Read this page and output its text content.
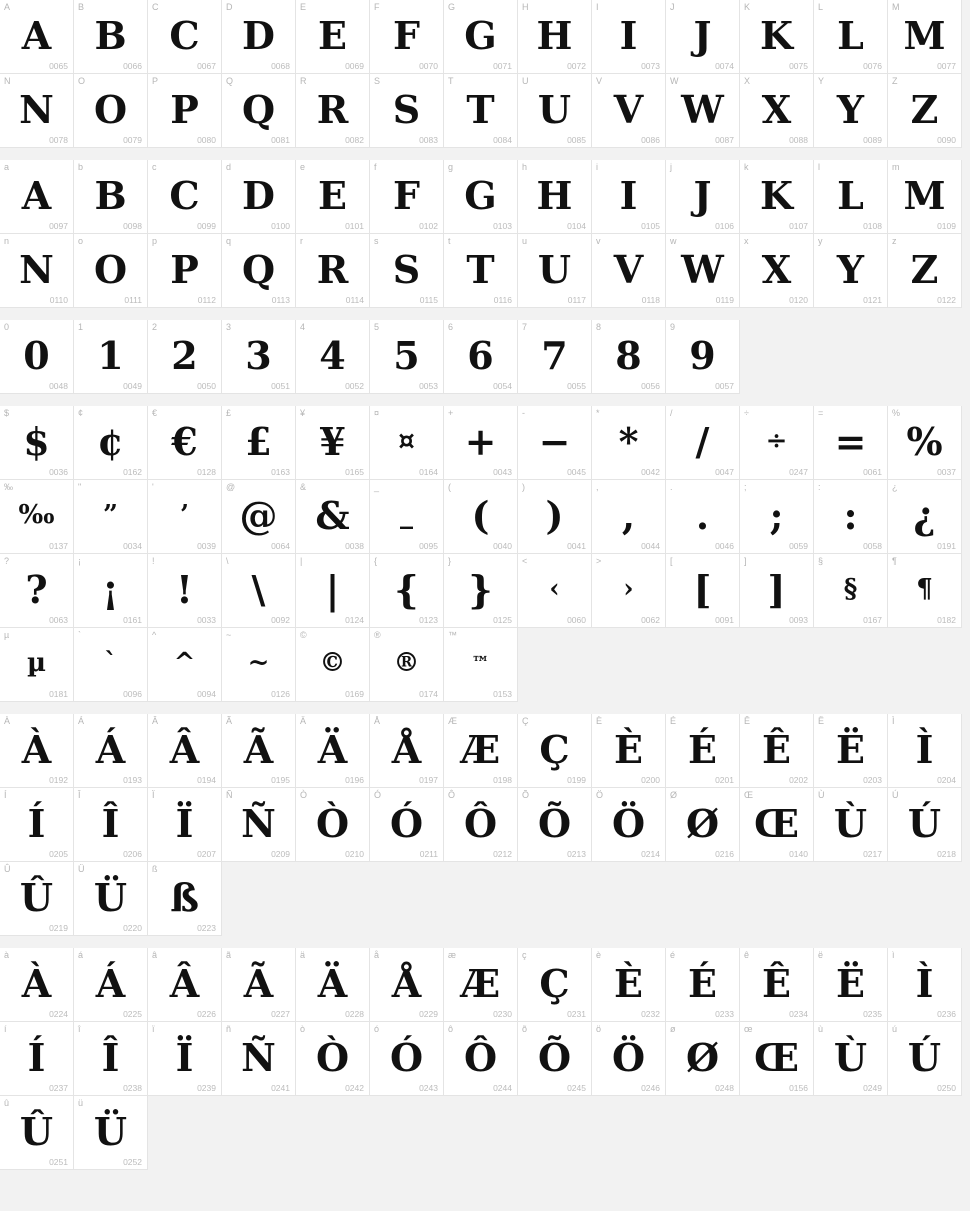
A
A
0065
B
B
0066
C
C
0067
D
D
0068
E
E
0069
F
F
0070
G
G
0071
H
H
0072
I
I
0073
J
J
0074
K
K
0075
L
L
0076
M
M
0077
N
N
0078
O
O
0079
P
P
0080
Q
Q
0081
R
R
0082
S
S
0083
T
T
0084
U
U
0085
V
V
0086
W
W
0087
X
X
0088
Y
Y
0089
Z
Z
0090
a
A
0097
b
B
0098
c
C
0099
d
D
0100
e
E
0101
f
F
0102
g
G
0103
h
H
0104
i
I
0105
j
J
0106
k
K
0107
l
L
0108
m
M
0109
n
N
0110
o
O
0111
p
P
0112
q
Q
0113
r
R
0114
s
S
0115
t
T
0116
u
U
0117
v
V
0118
w
W
0119
x
X
0120
y
Y
0121
z
Z
0122
0
0
0048
1
1
0049
2
2
0050
3
3
0051
4
4
0052
5
5
0053
6
6
0054
7
7
0055
8
8
0056
9
9
0057
$
$
0036
¢
¢
0162
€
€
0128
£
£
0163
¥
¥
0165
¤
¤
0164
+
+
0043
-
−
0045
*
*
0042
/
/
0047
÷
÷
0247
=
=
0061
%
%
0037
‰
‰
0137
"
”
0034
'
’
0039
@
@
0064
&
&
0038
_
_
0095
(
(
0040
)
)
0041
,
,
0044
.
.
0046
;
;
0059
:
:
0058
¿
¿
0191
?
?
0063
¡
¡
0161
!
!
0033
\
\
0092
|
|
0124
{
{
0123
}
}
0125
<
‹
0060
>
›
0062
[
[
0091
]
]
0093
§
§
0167
¶
¶
0182
µ
µ
0181
`
`
0096
^
^
0094
~
~
0126
©
©
0169
®
®
0174
™
™
0153
À
À
0192
Á
Á
0193
Â
Â
0194
Ã
Ã
0195
Ä
Ä
0196
Å
Å
0197
Æ
Æ
0198
Ç
Ç
0199
È
È
0200
É
É
0201
Ê
Ê
0202
Ë
Ë
0203
Ì
Ì
0204
Í
Í
0205
Î
Î
0206
Ï
Ï
0207
Ñ
Ñ
0209
Ò
Ò
0210
Ó
Ó
0211
Ô
Ô
0212
Õ
Õ
0213
Ö
Ö
0214
Ø
Ø
0216
Œ
Œ
0140
Ù
Ù
0217
Ú
Ú
0218
Û
Û
0219
Ü
Ü
0220
ß
ß
0223
à
À
0224
á
Á
0225
â
Â
0226
ã
Ã
0227
ä
Ä
0228
å
Å
0229
æ
Æ
0230
ç
Ç
0231
è
È
0232
é
É
0233
ê
Ê
0234
ë
Ë
0235
ì
Ì
0236
í
Í
0237
î
Î
0238
ï
Ï
0239
ñ
Ñ
0241
ò
Ò
0242
ó
Ó
0243
ô
Ô
0244
õ
Õ
0245
ö
Ö
0246
ø
Ø
0248
œ
Œ
0156
ù
Ù
0249
ú
Ú
0250
û
Û
0251
ü
Ü
0252
